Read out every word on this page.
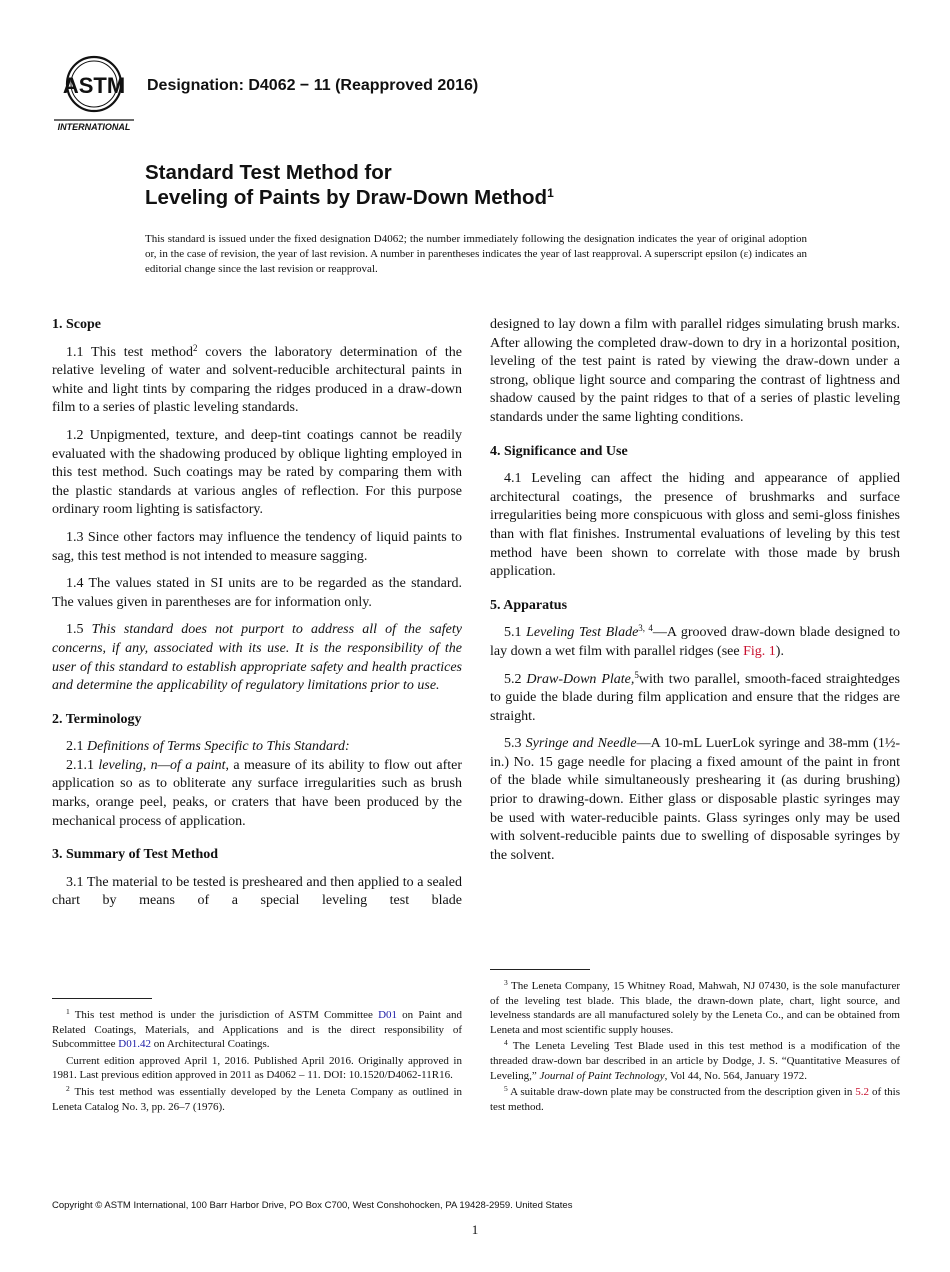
ASTM
INTERNATIONAL
Designation: D4062 − 11 (Reapproved 2016)
Standard Test Method for
Leveling of Paints by Draw-Down Method$^1$
This standard is issued under the fixed designation D4062; the number immediately following the designation indicates the year of original adoption or, in the case of revision, the year of last revision. A number in parentheses indicates the year of last reapproval. A superscript epsilon (ε) indicates an editorial change since the last revision or reapproval.
1. Scope

1.1 This test method$^2$ covers the laboratory determination of the relative leveling of water and solvent-reducible architectural paints in white and light tints by comparing the ridges produced in a draw-down film to a series of plastic leveling standards.

1.2 Unpigmented, texture, and deep-tint coatings cannot be readily evaluated with the shadowing produced by oblique lighting employed in this test method. Such coatings may be rated by comparing them with the plastic standards at various angles of reflection. For this purpose ordinary room lighting is satisfactory.

1.3 Since other factors may influence the tendency of liquid paints to sag, this test method is not intended to measure sagging.

1.4 The values stated in SI units are to be regarded as the standard. The values given in parentheses are for information only.

1.5 This standard does not purport to address all of the safety concerns, if any, associated with its use. It is the responsibility of the user of this standard to establish appropriate safety and health practices and determine the applicability of regulatory limitations prior to use.

2. Terminology

2.1 Definitions of Terms Specific to This Standard:

2.1.1 leveling, n—of a paint, a measure of its ability to flow out after application so as to obliterate any surface irregularities such as brush marks, orange peel, peaks, or craters that have been produced by the mechanical process of application.

3. Summary of Test Method

3.1 The material to be tested is presheared and then applied to a sealed chart by means of a special leveling test blade

designed to lay down a film with parallel ridges simulating brush marks. After allowing the completed draw-down to dry in a horizontal position, leveling of the test paint is rated by viewing the draw-down under a strong, oblique light source and comparing the contrast of lightness and shadow caused by the paint ridges to that of a series of plastic leveling standards under the same lighting conditions.

4. Significance and Use

4.1 Leveling can affect the hiding and appearance of applied architectural coatings, the presence of brushmarks and surface irregularities being more conspicuous with gloss and semi-gloss finishes than with flat finishes. Instrumental evaluations of leveling by this test method have been shown to correlate with those made by brush application.

5. Apparatus

5.1 Leveling Test Blade$^{3, 4}$—A grooved draw-down blade designed to lay down a wet film with parallel ridges (see Fig. 1).

5.2 Draw-Down Plate,$^5$with two parallel, smooth-faced straightedges to guide the blade during film application and ensure that the ridges are straight.

5.3 Syringe and Needle—A 10-mL LuerLok syringe and 38-mm (1½-in.) No. 15 gage needle for placing a fixed amount of the paint in front of the blade while simultaneously preshearing it (as during brushing) prior to drawing-down. Either glass or disposable plastic syringes may be used with water-reducible paints. Glass syringes only may be used with solvent-reducible paints due to swelling of disposable syringes by the solvent.

$^1$ This test method is under the jurisdiction of ASTM Committee D01 on Paint and Related Coatings, Materials, and Applications and is the direct responsibility of Subcommittee D01.42 on Architectural Coatings.

Current edition approved April 1, 2016. Published April 2016. Originally approved in 1981. Last previous edition approved in 2011 as D4062 – 11. DOI: 10.1520/D4062-11R16.

$^2$ This test method was essentially developed by the Leneta Company as outlined in Leneta Catalog No. 3, pp. 26–7 (1976).

$^3$ The Leneta Company, 15 Whitney Road, Mahwah, NJ 07430, is the sole manufacturer of the leveling test blade. This blade, the drawn-down plate, chart, light source, and levelness standards are all manufactured solely by the Leneta Co., and can be obtained from Leneta and most scientific supply houses.

$^4$ The Leneta Leveling Test Blade used in this test method is a modification of the threaded draw-down bar described in an article by Dodge, J. S. “Quantitative Measures of Leveling,” Journal of Paint Technology, Vol 44, No. 564, January 1972.

$^5$ A suitable draw-down plate may be constructed from the description given in 5.2 of this test method.

Copyright © ASTM International, 100 Barr Harbor Drive, PO Box C700, West Conshohocken, PA 19428-2959. United States
1
